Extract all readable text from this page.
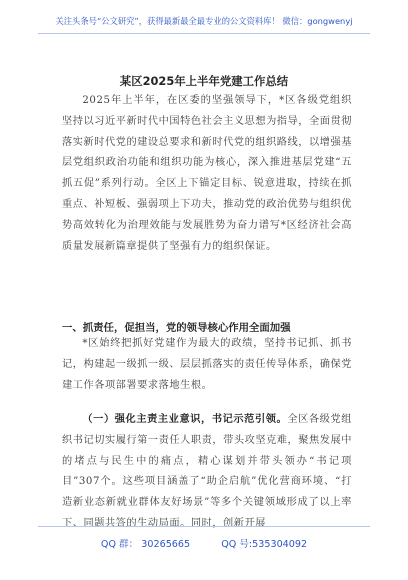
关注头条号“公文研究”，获得最新最全最专业的公文资料库！ 微信：gongwenyj
某区2025年上半年党建工作总结

2025年上半年，在区委的坚强领导下，*区各级党组织坚持以习近平新时代中国特色社会主义思想为指导，全面贯彻落实新时代党的建设总要求和新时代党的组织路线，以增强基层党组织政治功能和组织功能为核心，深入推进基层党建“五抓五促”系列行动。全区上下锚定目标、锐意进取，持续在抓重点、补短板、强弱项上下功夫，推动党的政治优势与组织优势高效转化为治理效能与发展胜势为奋力谱写*区经济社会高质量发展新篇章提供了坚强有力的组织保证。

一、抓责任，促担当，党的领导核心作用全面加强

*区始终把抓好党建作为最大的政绩，坚持书记抓、抓书记，构建起一级抓一级、层层抓落实的责任传导体系，确保党建工作各项部署要求落地生根。

（一）强化主责主业意识，书记示范引领。全区各级党组织书记切实履行第一责任人职责，带头攻坚克难，聚焦发展中的堵点与民生中的痛点，精心谋划并带头领办“书记项目”307个。这些项目涵盖了“助企启航”优化营商环境、“打造新业态新就业群体友好场景”等多个关键领域形成了以上率下、同题共答的生动局面。同时，创新开展

QQ 群： 30265665	QQ 号:535304092
